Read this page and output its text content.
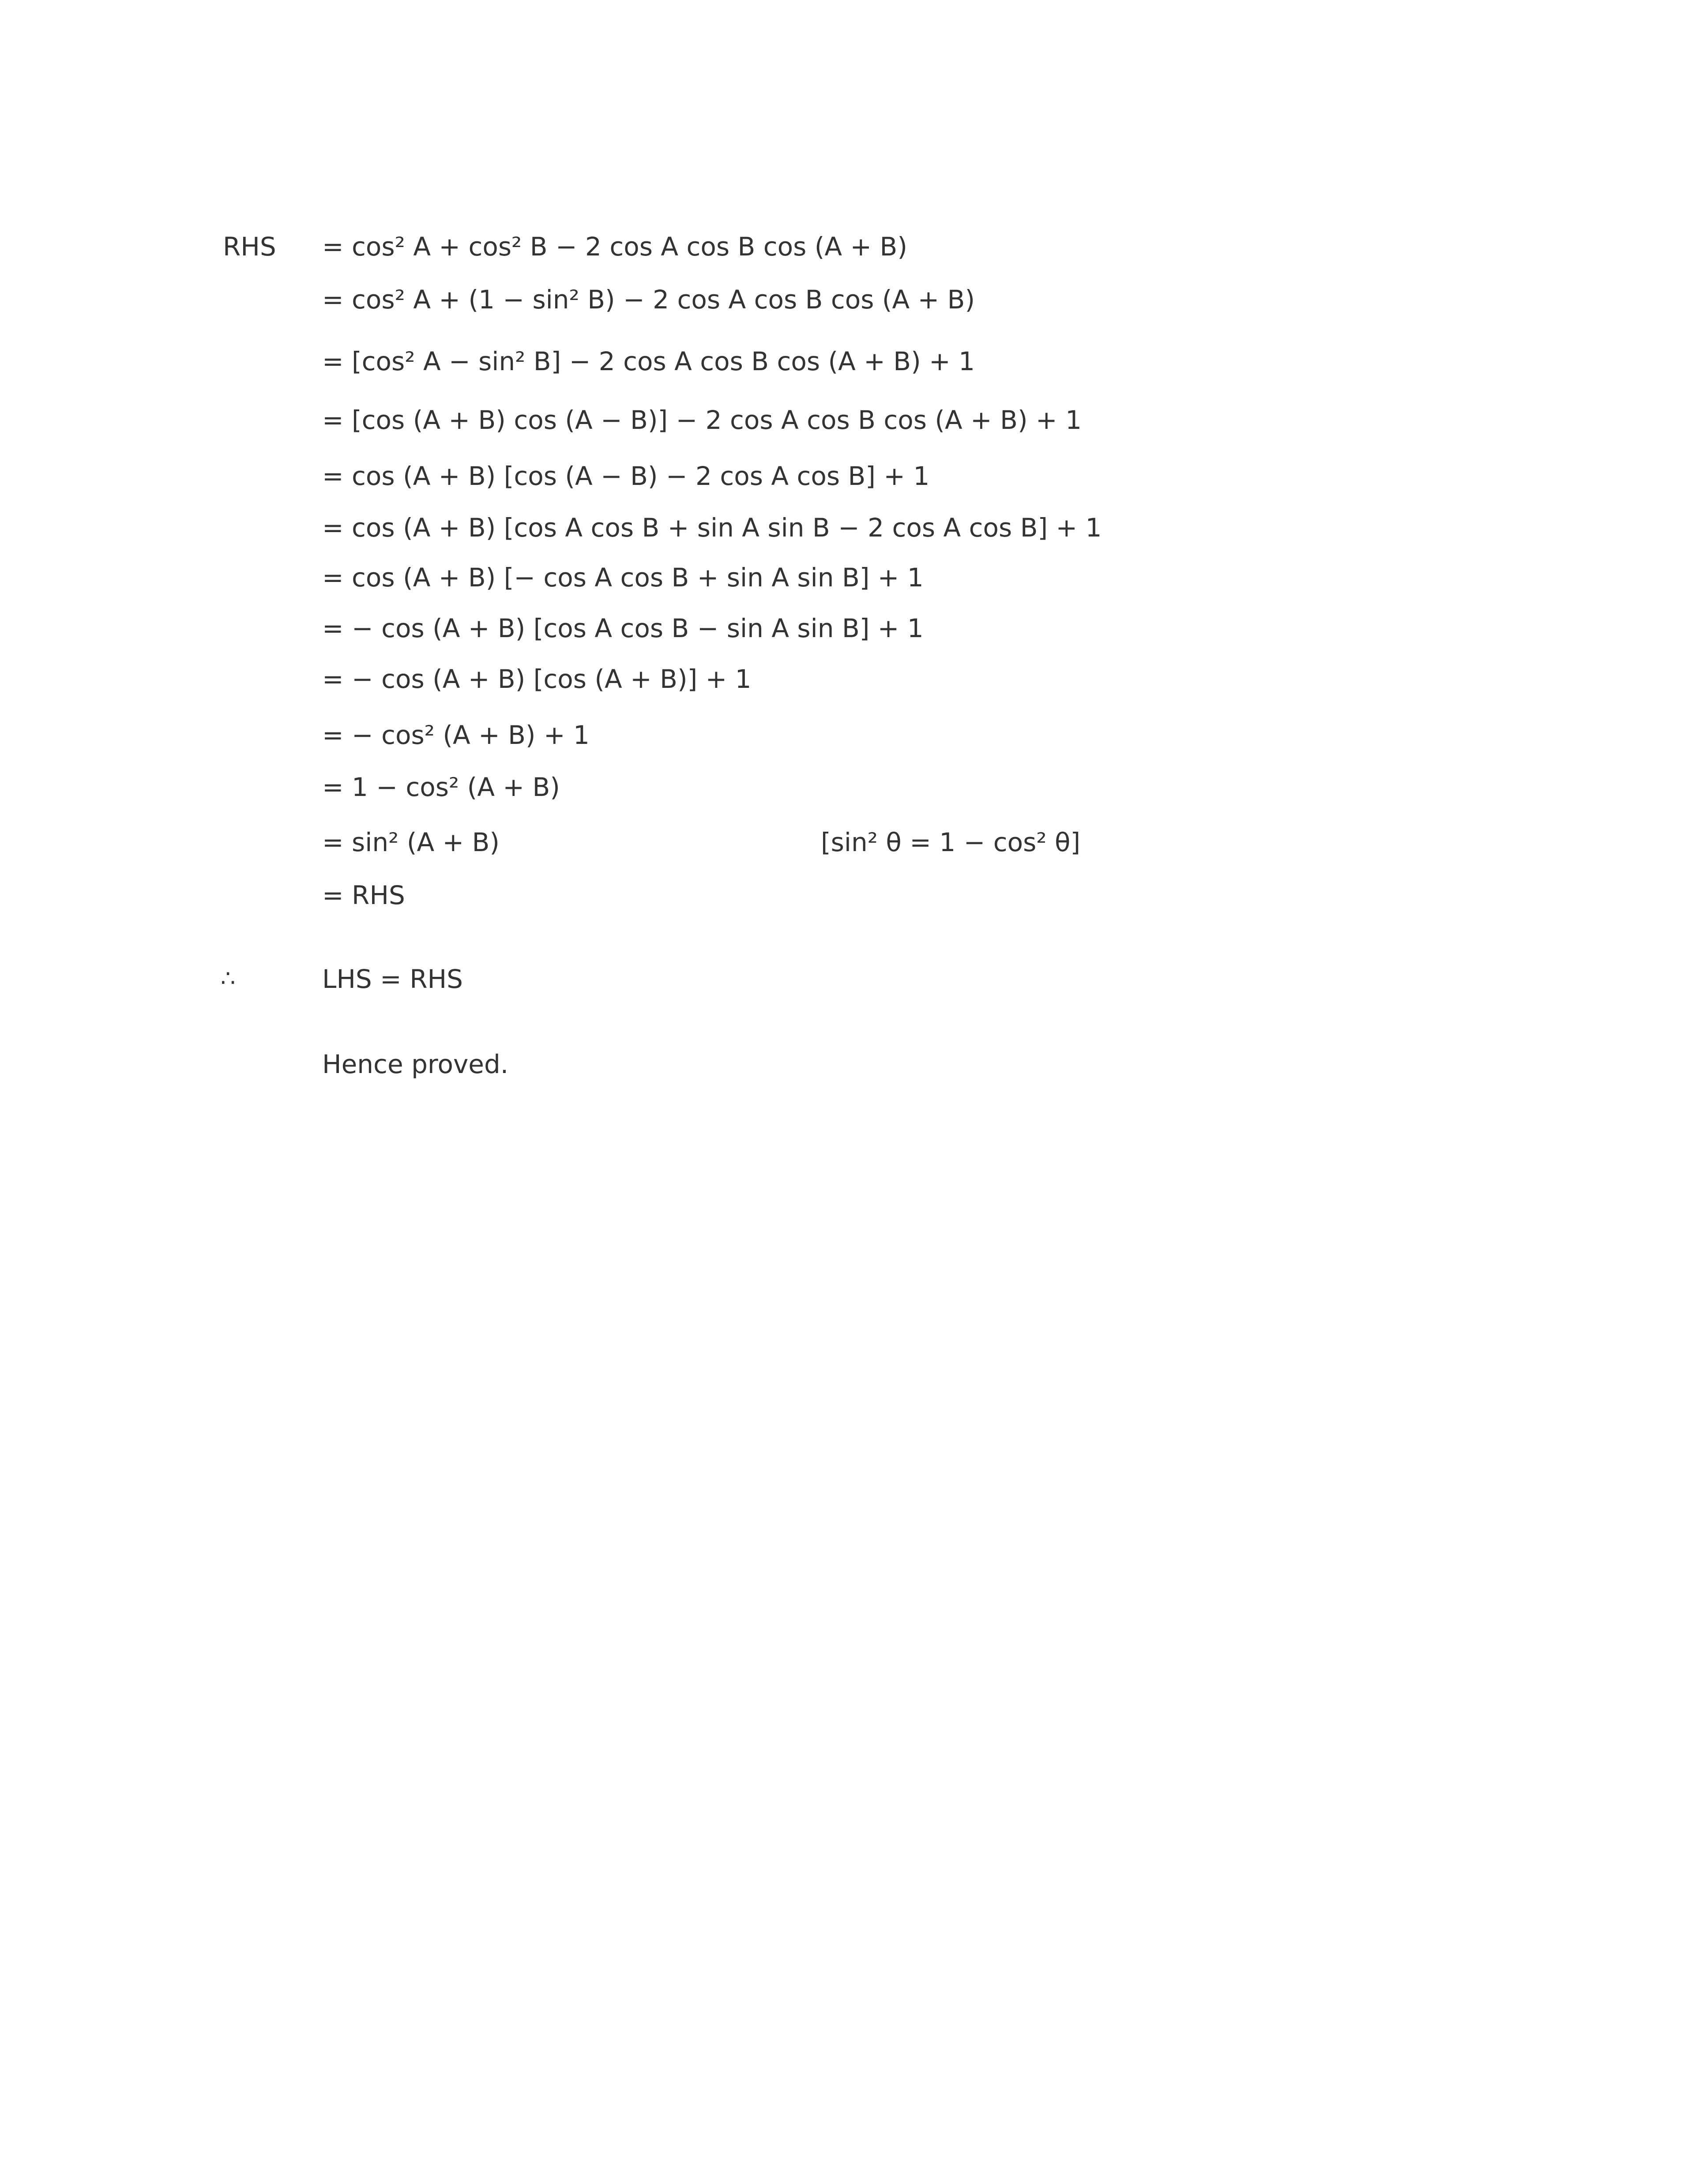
RHS = cos² A + cos² B − 2 cos A cos B cos (A + B)
= cos² A + (1 − sin² B) − 2 cos A cos B cos (A + B)
= [cos² A − sin² B] − 2 cos A cos B cos (A + B) + 1
= [cos (A + B) cos (A − B)] − 2 cos A cos B cos (A + B) + 1
= cos (A + B) [cos (A − B) − 2 cos A cos B] + 1
= cos (A + B) [cos A cos B + sin A sin B − 2 cos A cos B] + 1
= cos (A + B) [− cos A cos B + sin A sin B] + 1
= − cos (A + B) [cos A cos B − sin A sin B] + 1
= − cos (A + B) [cos (A + B)] + 1
= − cos² (A + B) + 1
= 1 − cos² (A + B)
= sin² (A + B)	[sin² θ = 1 − cos² θ]
= RHS
∴	LHS = RHS
Hence proved.
